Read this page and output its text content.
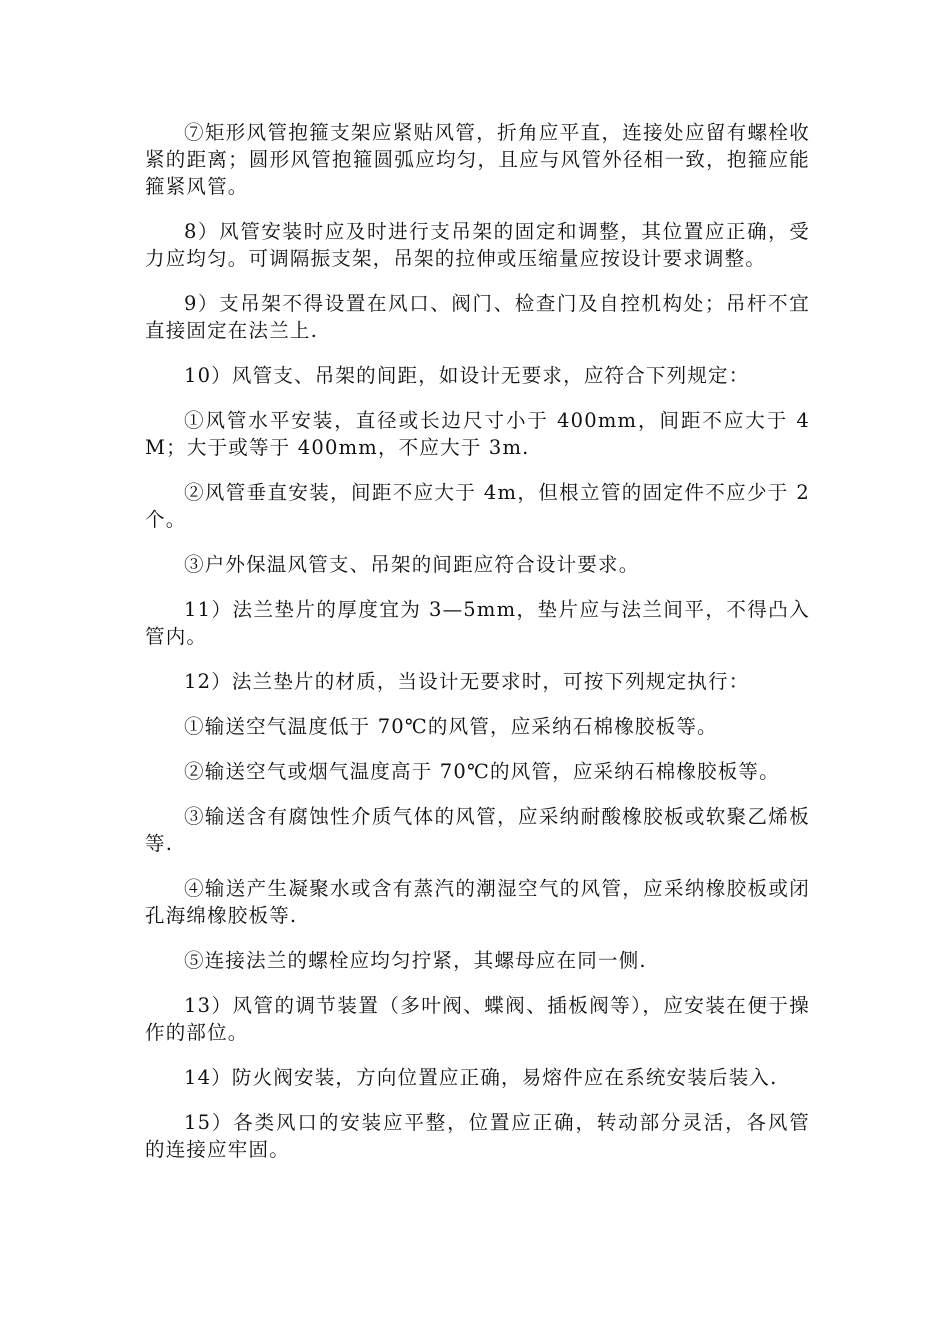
⑦矩形风管抱箍支架应紧贴风管，折角应平直，连接处应留有螺栓收紧的距离；圆形风管抱箍圆弧应均匀，且应与风管外径相一致，抱箍应能箍紧风管。

8）风管安装时应及时进行支吊架的固定和调整，其位置应正确，受力应均匀。可调隔振支架，吊架的拉伸或压缩量应按设计要求调整。

9）支吊架不得设置在风口、阀门、检查门及自控机构处；吊杆不宜直接固定在法兰上.

10）风管支、吊架的间距，如设计无要求，应符合下列规定：

①风管水平安装，直径或长边尺寸小于 400mm，间距不应大于 4M；大于或等于 400mm，不应大于 3m.

②风管垂直安装，间距不应大于 4m，但根立管的固定件不应少于 2 个。

③户外保温风管支、吊架的间距应符合设计要求。

11）法兰垫片的厚度宜为 3—5mm，垫片应与法兰间平，不得凸入管内。

12）法兰垫片的材质，当设计无要求时，可按下列规定执行：

①输送空气温度低于 70℃的风管，应采纳石棉橡胶板等。

②输送空气或烟气温度高于 70℃的风管，应采纳石棉橡胶板等。

③输送含有腐蚀性介质气体的风管，应采纳耐酸橡胶板或软聚乙烯板等.

④输送产生凝聚水或含有蒸汽的潮湿空气的风管，应采纳橡胶板或闭孔海绵橡胶板等.

⑤连接法兰的螺栓应均匀拧紧，其螺母应在同一侧.

13）风管的调节装置（多叶阀、蝶阀、插板阀等），应安装在便于操作的部位。

14）防火阀安装，方向位置应正确，易熔件应在系统安装后装入.

15）各类风口的安装应平整，位置应正确，转动部分灵活，各风管的连接应牢固。
